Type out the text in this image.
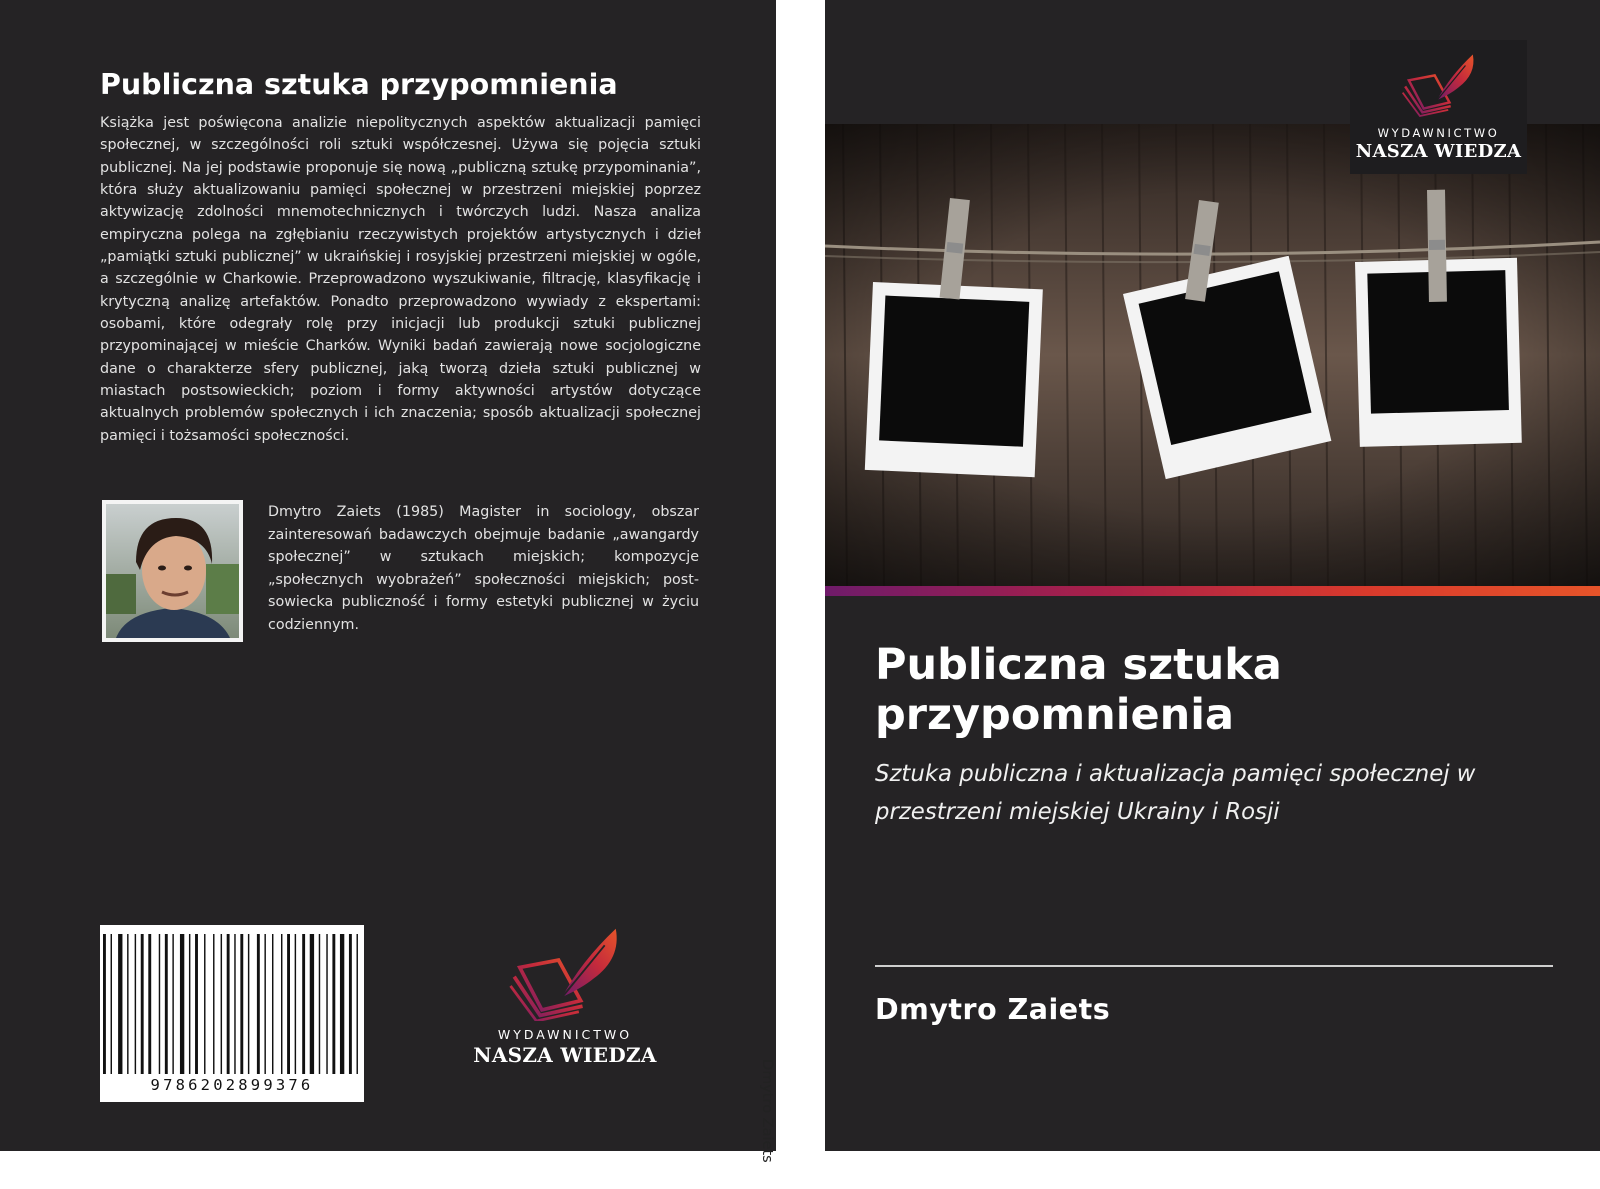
Publiczna sztuka przypomnienia

Książka jest poświęcona analizie niepolitycznych aspektów aktualizacji pamięci społecznej, w szczególności roli sztuki współczesnej. Używa się pojęcia sztuki publicznej. Na jej podstawie proponuje się nową „publiczną sztukę przypominania”, która służy aktualizowaniu pamięci społecznej w przestrzeni miejskiej poprzez aktywizację zdolności mnemotechnicznych i twórczych ludzi. Nasza analiza empiryczna polega na zgłębianiu rzeczywistych projektów artystycznych i dzieł „pamiątki sztuki publicznej” w ukraińskiej i rosyjskiej przestrzeni miejskiej w ogóle, a szczególnie w Charkowie. Przeprowadzono wyszukiwanie, filtrację, klasyfikację i krytyczną analizę artefaktów. Ponadto przeprowadzono wywiady z ekspertami: osobami, które odegrały rolę przy inicjacji lub produkcji sztuki publicznej przypominającej w mieście Charków. Wyniki badań zawierają nowe socjologiczne dane o charakterze sfery publicznej, jaką tworzą dzieła sztuki publicznej w miastach postsowieckich; poziom i formy aktywności artystów dotyczące aktualnych problemów społecznych i ich znaczenia; sposób aktualizacji społecznej pamięci i tożsamości społeczności.

Dmytro Zaiets (1985) Magister in sociology, obszar zainteresowań badawczych obejmuje badanie „awangardy społecznej” w sztukach miejskich; kompozycje „społecznych wyobrażeń” społeczności miejskich; post-sowiecka publiczność i formy estetyki publicznej w życiu codziennym.

9786202899376
WYDAWNICTWO
NASZA WIEDZA
Dmytro Zaiets
WYDAWNICTWO
NASZA WIEDZA
Publiczna sztuka przypomnienia

Sztuka publiczna i aktualizacja pamięci społecznej w przestrzeni miejskiej Ukrainy i Rosji

Dmytro Zaiets
